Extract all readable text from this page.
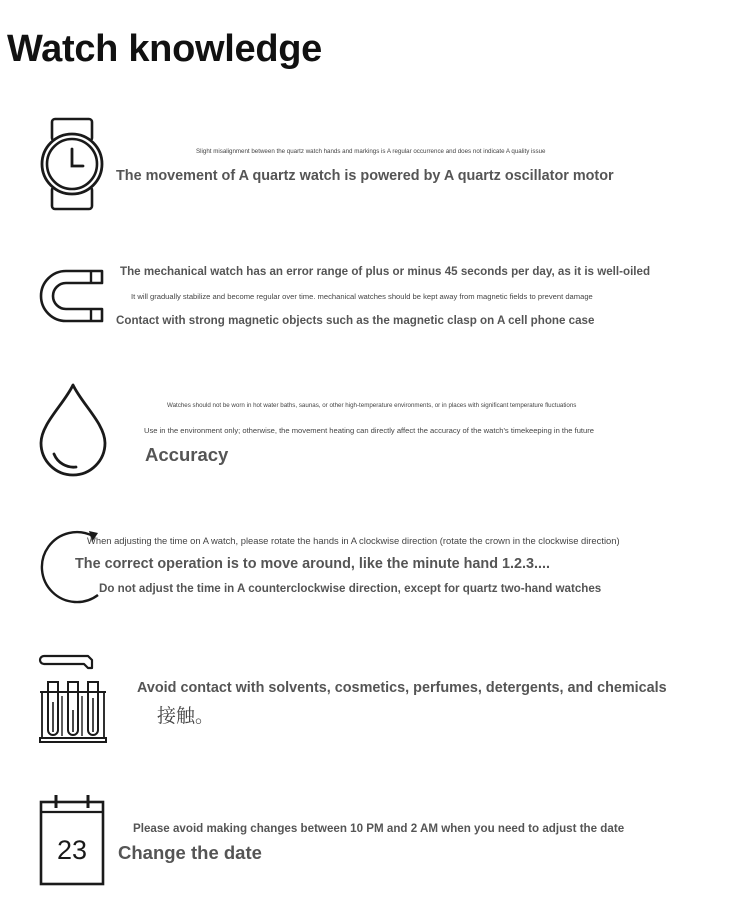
Watch knowledge
Slight misalignment between the quartz watch hands and markings is A regular occurrence and does not indicate A quality issue
The movement of A quartz watch is powered by A quartz oscillator motor
The mechanical watch has an error range of plus or minus 45 seconds per day, as it is well-oiled
It will gradually stabilize and become regular over time. mechanical watches should be kept away from magnetic fields to prevent damage
Contact with strong magnetic objects such as the magnetic clasp on A cell phone case
Watches should not be worn in hot water baths, saunas, or other high-temperature environments, or in places with significant temperature fluctuations
Use in the environment only; otherwise, the movement heating can directly affect the accuracy of the watch's timekeeping in the future
Accuracy
When adjusting the time on A watch, please rotate the hands in A clockwise direction (rotate the crown in the clockwise direction)
The correct operation is to move around, like the minute hand 1.2.3....
Do not adjust the time in A counterclockwise direction, except for quartz two-hand watches
Avoid contact with solvents, cosmetics, perfumes, detergents, and chemicals
接触。
23
Please avoid making changes between 10 PM and 2 AM when you need to adjust the date
Change the date
